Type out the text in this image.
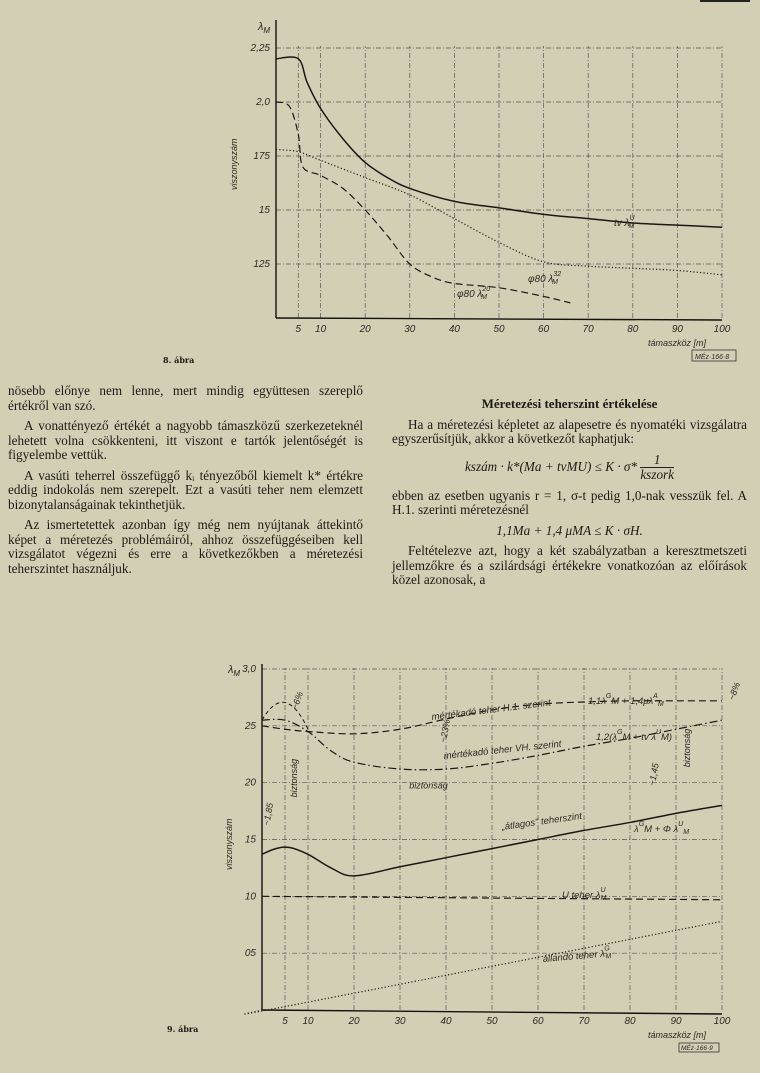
5 10	20	30	40	50	60	70	80	90	100
125
15
175
2,0
2,25
$\lambda_M$
viszonyszám
támaszköz [m]
MÉz·166·8
tv $\lambda^U$ M
φ80 $\lambda^{32}$ M
φ80 $\lambda^{20}$ M
8. ábra

nösebb előnye nem lenne, mert mindig együttesen szereplő értékről van szó.

A vonattényező értékét a nagyobb támaszközű szerkezeteknél lehetett volna csökkenteni, itt viszont e tartók jelentőségét is figyelembe vettük.

A vasúti teherrel összefüggő kᵢ tényezőből kiemelt k* értékre eddig indokolás nem szerepelt. Ezt a vasúti teher nem elemzett bizonytalanságainak tekinthetjük.

Az ismertetettek azonban így még nem nyújtanak áttekintő képet a méretezés problémáiról, ahhoz összefüggéseiben kell vizsgálatot végezni és erre a következőkben a méretezési teherszintet használjuk.

Méretezési teherszint értékelése

Ha a méretezési képletet az alapesetre és nyomatéki vizsgálatra egyszerűsítjük, akkor a következőt kaphatjuk:

kszám · k*(Ma + tvMU) ≤ $K \cdot \sigma* \frac{1}{\text{kszork}}$

ebben az esetben ugyanis r = 1, σ-t pedig 1,0-nak vesszük fel. A H.1. szerinti méretezésnél

1,1Ma + 1,4 μMA ≤ K · σH.

Feltételezve azt, hogy a két szabályzatban a keresztmetszeti jellemzőkre és a szilárdsági értékekre vonatkozóan az előírások közel azonosak, a

5 10	20	30	40	50	60	70	80	90	100
05
10
15
20
25
3,0
$\lambda_M$
viszonyszám
támaszköz [m]
MÉz·166·9
mértékadó teher H.1. szerint	$1,1\lambda^GM + 1,4\mu\lambda^A_M$
mértékadó teher VH. szerint
$1,2(\lambda^GM$ + tv $\lambda^UM$)
„átlagos" teherszint	$\lambda^GM + \Phi$ $\lambda^U_M$
U teher $\lambda^U$ M
állandó teher $\lambda^GM$
~6%
~23%
~8%
biztonság
~1,85
biztonság	~1,45
biztonság
9. ábra
